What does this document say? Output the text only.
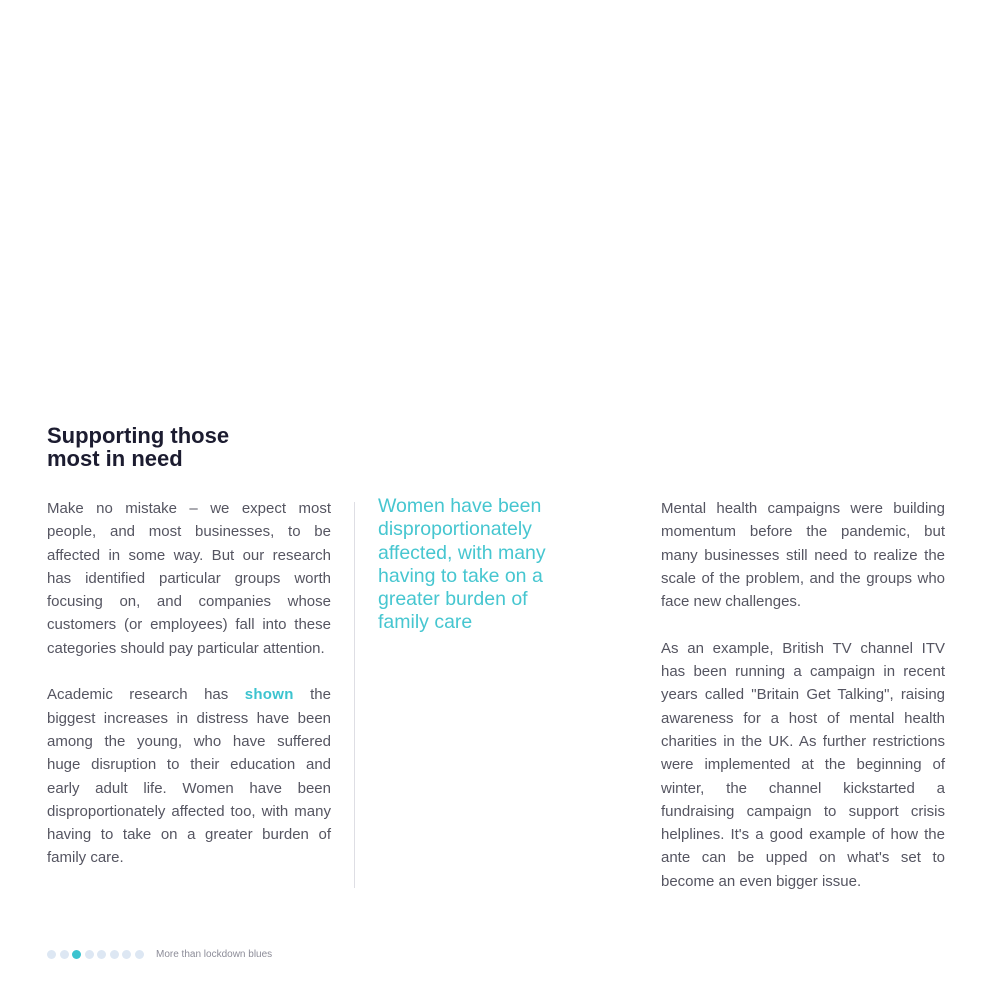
Supporting those
most in need

Make no mistake – we expect most people, and most businesses, to be affected in some way. But our research has identified particular groups worth focusing on, and companies whose customers (or employees) fall into these categories should pay particular attention.

Academic research has shown the biggest increases in distress have been among the young, who have suffered huge disruption to their education and early adult life. Women have been disproportionately affected too, with many having to take on a greater burden of family care.

Women have been disproportionately affected, with many having to take on a greater burden of family care

Mental health campaigns were building momentum before the pandemic, but many businesses still need to realize the scale of the problem, and the groups who face new challenges.

As an example, British TV channel ITV has been running a campaign in recent years called "Britain Get Talking", raising awareness for a host of mental health charities in the UK. As further restrictions were implemented at the beginning of winter, the channel kickstarted a fundraising campaign to support crisis helplines. It's a good example of how the ante can be upped on what's set to become an even bigger issue.

More than lockdown blues
